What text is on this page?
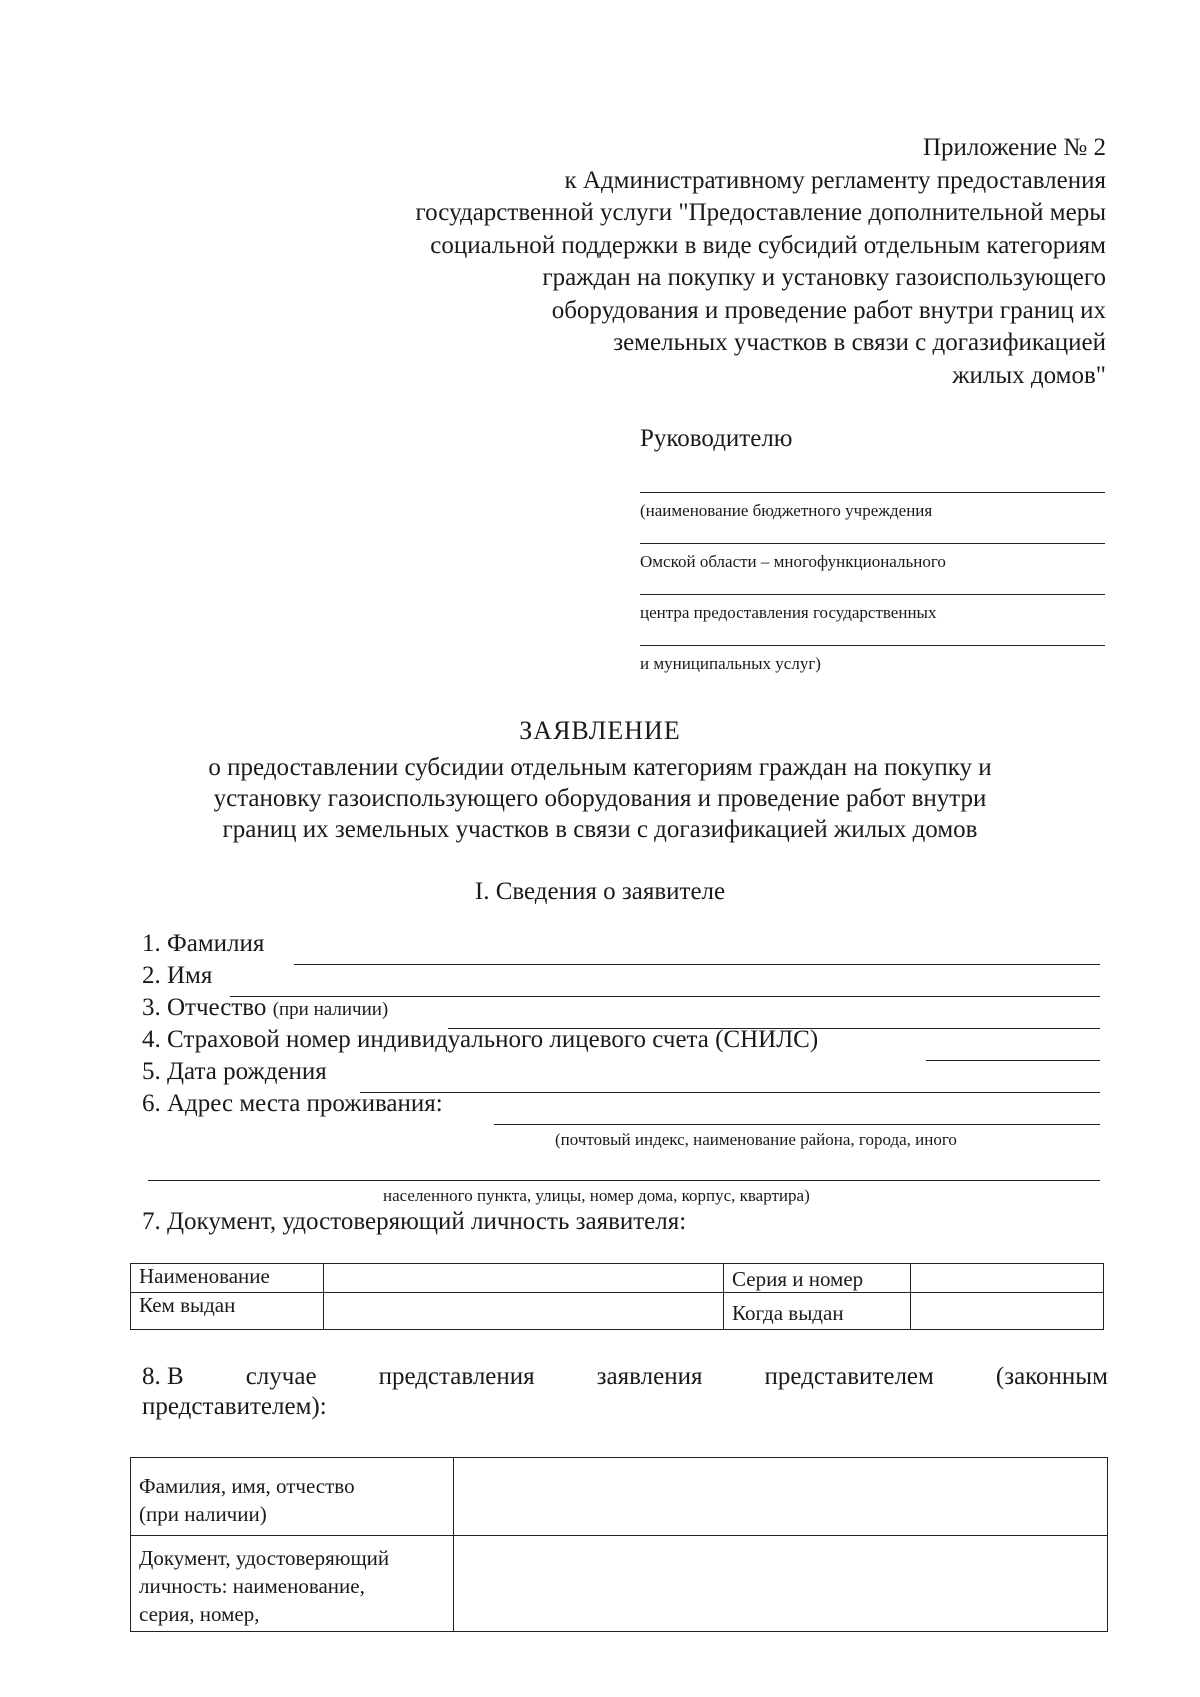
Приложение № 2
к Административному регламенту предоставления
государственной услуги "Предоставление дополнительной меры
социальной поддержки в виде субсидий отдельным категориям
граждан на покупку и установку газоиспользующего
оборудования и проведение работ внутри границ их
земельных участков в связи с догазификацией
жилых домов"
Руководителю
(наименование бюджетного учреждения
Омской области – многофункционального
центра предоставления государственных
и муниципальных услуг)
ЗАЯВЛЕНИЕ
о предоставлении субсидии отдельным категориям граждан на покупку и
установку газоиспользующего оборудования и проведение работ внутри
границ их земельных участков в связи с догазификацией жилых домов
I. Сведения о заявителе
1. Фамилия
2. Имя
3. Отчество (при наличии)
4. Страховой номер индивидуального лицевого счета (СНИЛС)
5. Дата рождения
6. Адрес места проживания:
(почтовый индекс, наименование района, города, иного
населенного пункта, улицы, номер дома, корпус, квартира)
7. Документ, удостоверяющий личность заявителя:
Наименование		Серия и номер	
Кем выдан		Когда выдан	
8. В случае представления заявления представителем (законным
представителем):
Фамилия, имя, отчество
(при наличии)	

Документ, удостоверяющий
личность: наименование,
серия, номер,	
